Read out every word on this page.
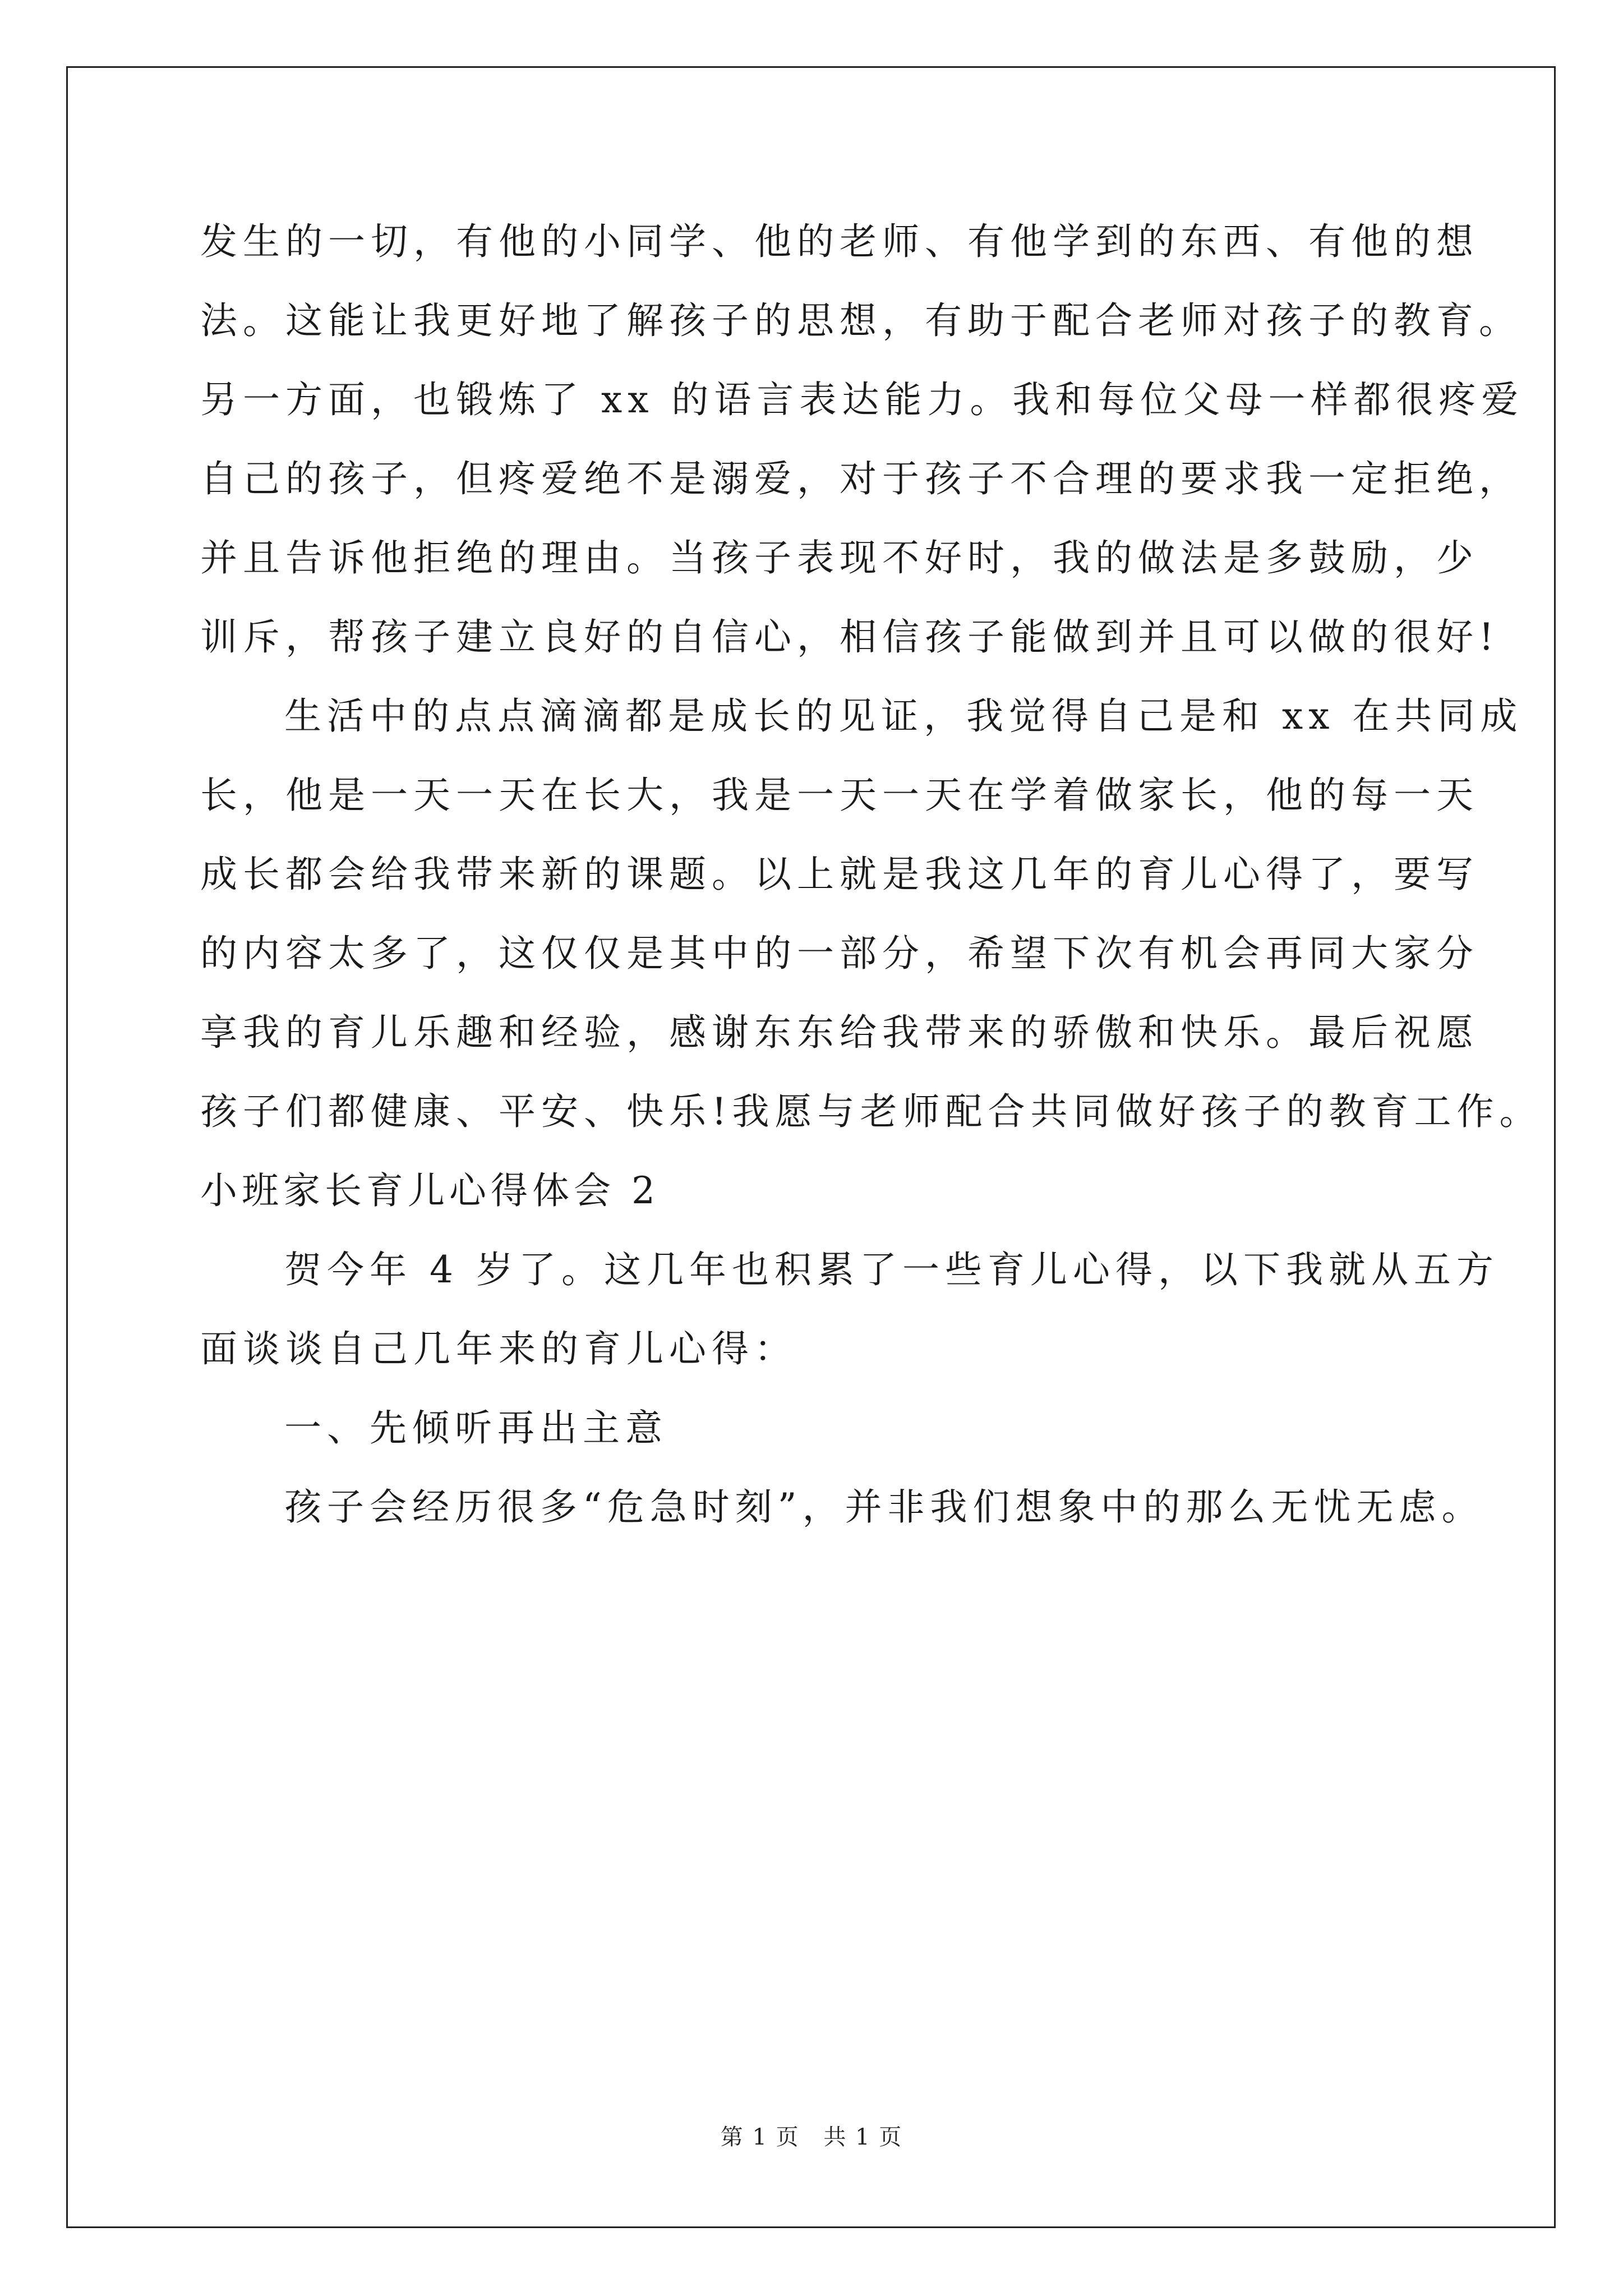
发生的一切，有他的小同学、他的老师、有他学到的东西、有他的想
法。这能让我更好地了解孩子的思想，有助于配合老师对孩子的教育。
另一方面，也锻炼了 xx 的语言表达能力。我和每位父母一样都很疼爱
自己的孩子，但疼爱绝不是溺爱，对于孩子不合理的要求我一定拒绝，
并且告诉他拒绝的理由。当孩子表现不好时，我的做法是多鼓励，少
训斥，帮孩子建立良好的自信心，相信孩子能做到并且可以做的很好!
生活中的点点滴滴都是成长的见证，我觉得自己是和 xx 在共同成
长，他是一天一天在长大，我是一天一天在学着做家长，他的每一天
成长都会给我带来新的课题。以上就是我这几年的育儿心得了，要写
的内容太多了，这仅仅是其中的一部分，希望下次有机会再同大家分
享我的育儿乐趣和经验，感谢东东给我带来的骄傲和快乐。最后祝愿
孩子们都健康、平安、快乐!我愿与老师配合共同做好孩子的教育工作。
小班家长育儿心得体会 2
贺今年 4 岁了。这几年也积累了一些育儿心得，以下我就从五方
面谈谈自己几年来的育儿心得：
一、先倾听再出主意
孩子会经历很多“危急时刻”，并非我们想象中的那么无忧无虑。
第 1 页 共 1 页
